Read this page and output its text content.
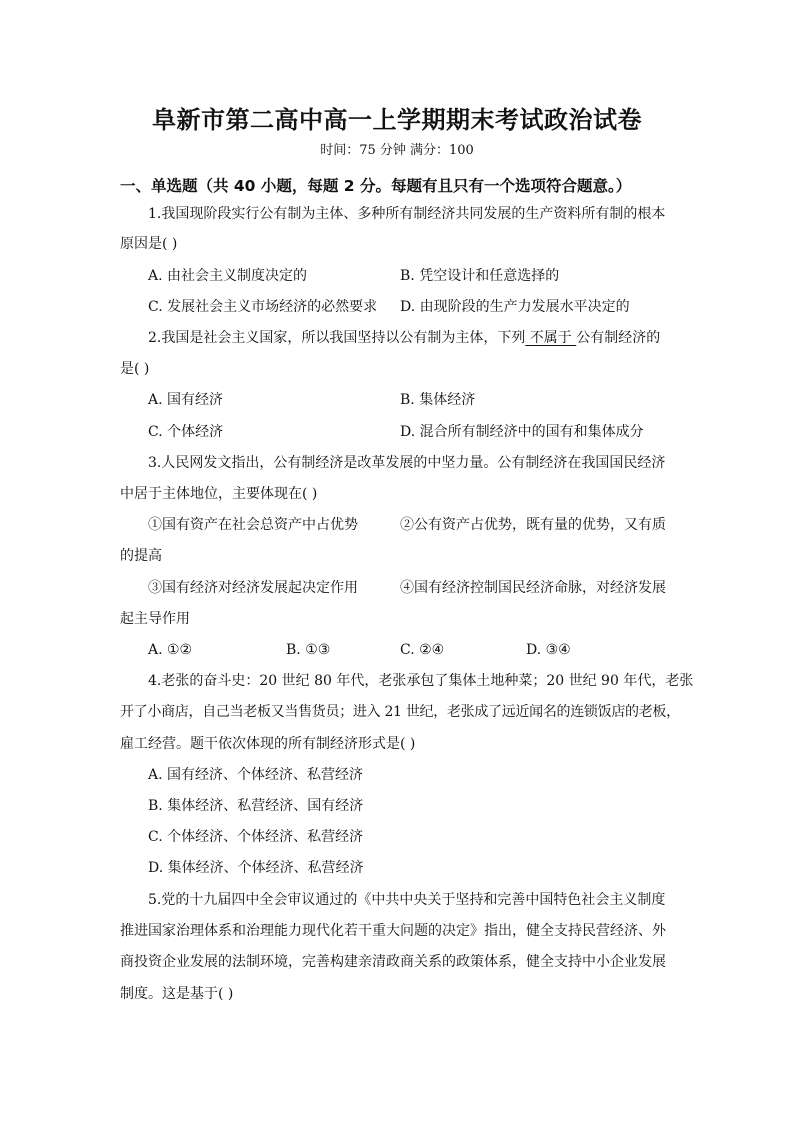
阜新市第二高中高一上学期期末考试政治试卷
时间：75 分钟 满分：100
一、单选题（共 40 小题，每题 2 分。每题有且只有一个选项符合题意。）
1.我国现阶段实行公有制为主体、多种所有制经济共同发展的生产资料所有制的根本
原因是( )
A. 由社会主义制度决定的	B. 凭空设计和任意选择的
C. 发展社会主义市场经济的必然要求 D. 由现阶段的生产力发展水平决定的
2.我国是社会主义国家，所以我国坚持以公有制为主体，下列 不属于 公有制经济的
是( )
A. 国有经济	B. 集体经济
C. 个体经济	D. 混合所有制经济中的国有和集体成分
3.人民网发文指出，公有制经济是改革发展的中坚力量。公有制经济在我国国民经济
中居于主体地位，主要体现在( )
①国有资产在社会总资产中占优势	②公有资产占优势，既有量的优势，又有质
的提高
③国有经济对经济发展起决定作用	④国有经济控制国民经济命脉，对经济发展
起主导作用
A. ①②	B. ①③	C. ②④	D. ③④
4.老张的奋斗史：20 世纪 80 年代，老张承包了集体土地种菜；20 世纪 90 年代，老张
开了小商店，自己当老板又当售货员；进入 21 世纪，老张成了远近闻名的连锁饭店的老板，
雇工经营。题干依次体现的所有制经济形式是( )
A. 国有经济、个体经济、私营经济
B. 集体经济、私营经济、国有经济
C. 个体经济、个体经济、私营经济
D. 集体经济、个体经济、私营经济
5.党的十九届四中全会审议通过的《中共中央关于坚持和完善中国特色社会主义制度
推进国家治理体系和治理能力现代化若干重大问题的决定》指出，健全支持民营经济、外
商投资企业发展的法制环境，完善构建亲清政商关系的政策体系，健全支持中小企业发展
制度。这是基于( )
